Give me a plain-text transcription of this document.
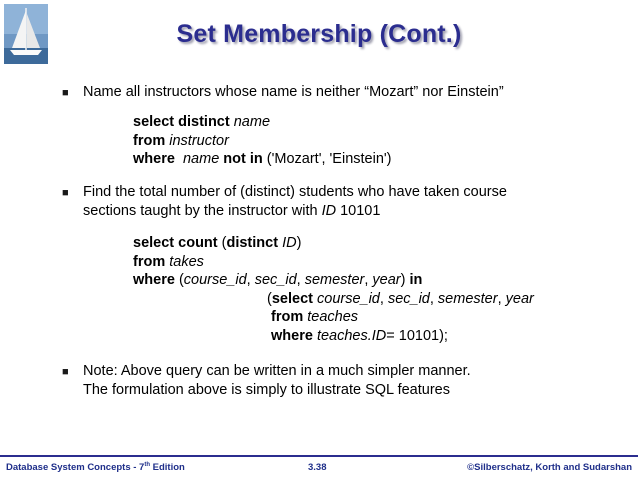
Set Membership (Cont.)
■ Name all instructors whose name is neither “Mozart” nor Einstein”
select distinct name
from instructor
where name not in ('Mozart', 'Einstein')
■ Find the total number of (distinct) students who have taken course
sections taught by the instructor with ID 10101
select count (distinct ID)
from takes
where (course_id, sec_id, semester, year) in
(select course_id, sec_id, semester, year
from teaches
where teaches.ID= 10101);
■ Note: Above query can be written in a much simpler manner.
The formulation above is simply to illustrate SQL features
Database System Concepts - 7th Edition	3.38	©Silberschatz, Korth and Sudarshan
